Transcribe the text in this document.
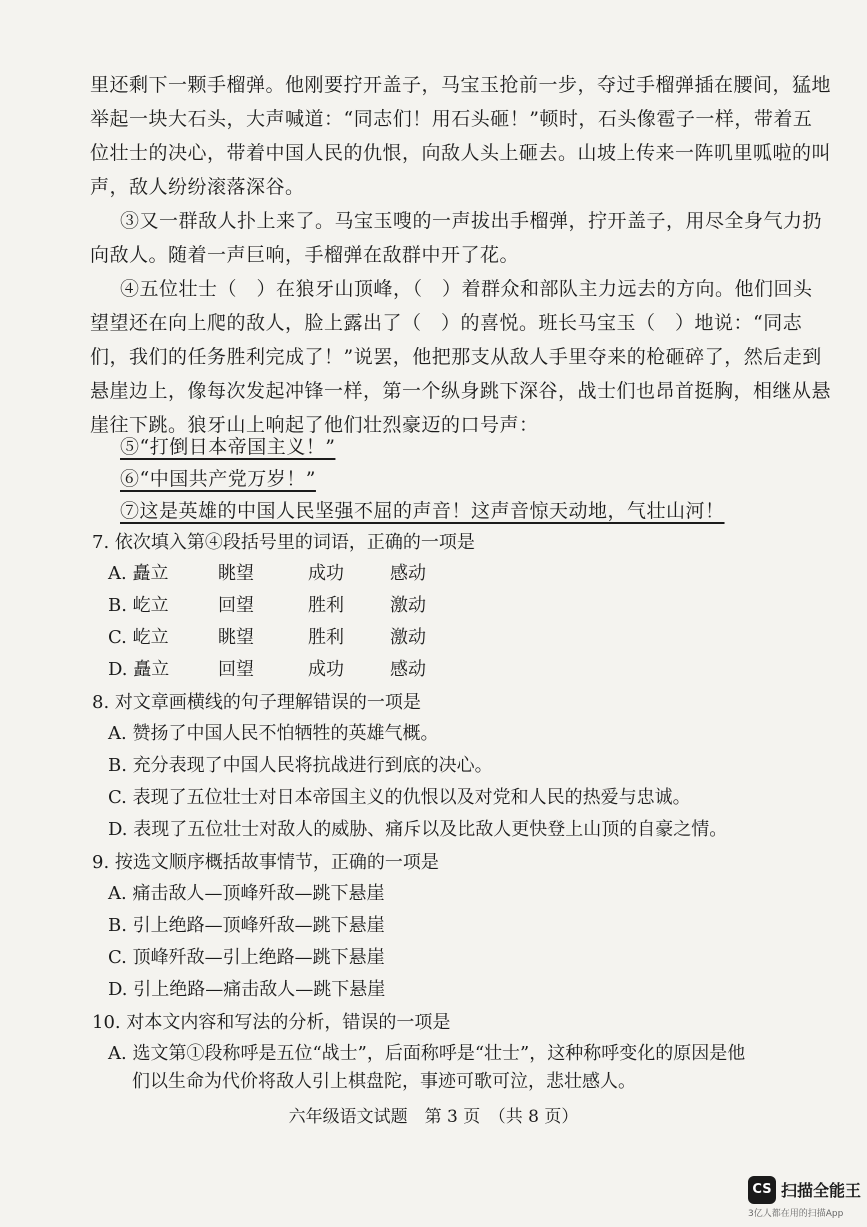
里还剩下一颗手榴弹。他刚要拧开盖子，马宝玉抢前一步，夺过手榴弹插在腰间，猛地
举起一块大石头，大声喊道：“同志们！用石头砸！”顿时，石头像雹子一样，带着五
位壮士的决心，带着中国人民的仇恨，向敌人头上砸去。山坡上传来一阵叽里呱啦的叫
声，敌人纷纷滚落深谷。
③又一群敌人扑上来了。马宝玉嗖的一声拔出手榴弹，拧开盖子，用尽全身气力扔
向敌人。随着一声巨响，手榴弹在敌群中开了花。
④五位壮士（　）在狼牙山顶峰，（　）着群众和部队主力远去的方向。他们回头
望望还在向上爬的敌人，脸上露出了（　）的喜悦。班长马宝玉（　）地说：“同志
们，我们的任务胜利完成了！”说罢，他把那支从敌人手里夺来的枪砸碎了，然后走到
悬崖边上，像每次发起冲锋一样，第一个纵身跳下深谷，战士们也昂首挺胸，相继从悬
崖往下跳。狼牙山上响起了他们壮烈豪迈的口号声：
⑤“打倒日本帝国主义！”
⑥“中国共产党万岁！”
⑦这是英雄的中国人民坚强不屈的声音！这声音惊天动地，气壮山河！
7. 依次填入第④段括号里的词语，正确的一项是
A. 矗立	眺望	成功	感动
B. 屹立	回望	胜利	激动
C. 屹立	眺望	胜利	激动
D. 矗立	回望	成功	感动
8. 对文章画横线的句子理解错误的一项是
A. 赞扬了中国人民不怕牺牲的英雄气概。
B. 充分表现了中国人民将抗战进行到底的决心。
C. 表现了五位壮士对日本帝国主义的仇恨以及对党和人民的热爱与忠诚。
D. 表现了五位壮士对敌人的威胁、痛斥以及比敌人更快登上山顶的自豪之情。
9. 按选文顺序概括故事情节，正确的一项是
A. 痛击敌人—顶峰歼敌—跳下悬崖
B. 引上绝路—顶峰歼敌—跳下悬崖
C. 顶峰歼敌—引上绝路—跳下悬崖
D. 引上绝路—痛击敌人—跳下悬崖
10. 对本文内容和写法的分析，错误的一项是
A. 选文第①段称呼是五位“战士”，后面称呼是“壮士”，这种称呼变化的原因是他
们以生命为代价将敌人引上棋盘陀，事迹可歌可泣，悲壮感人。
六年级语文试题　第 3 页　（共 8 页）
CS 扫描全能王
3亿人都在用的扫描App
